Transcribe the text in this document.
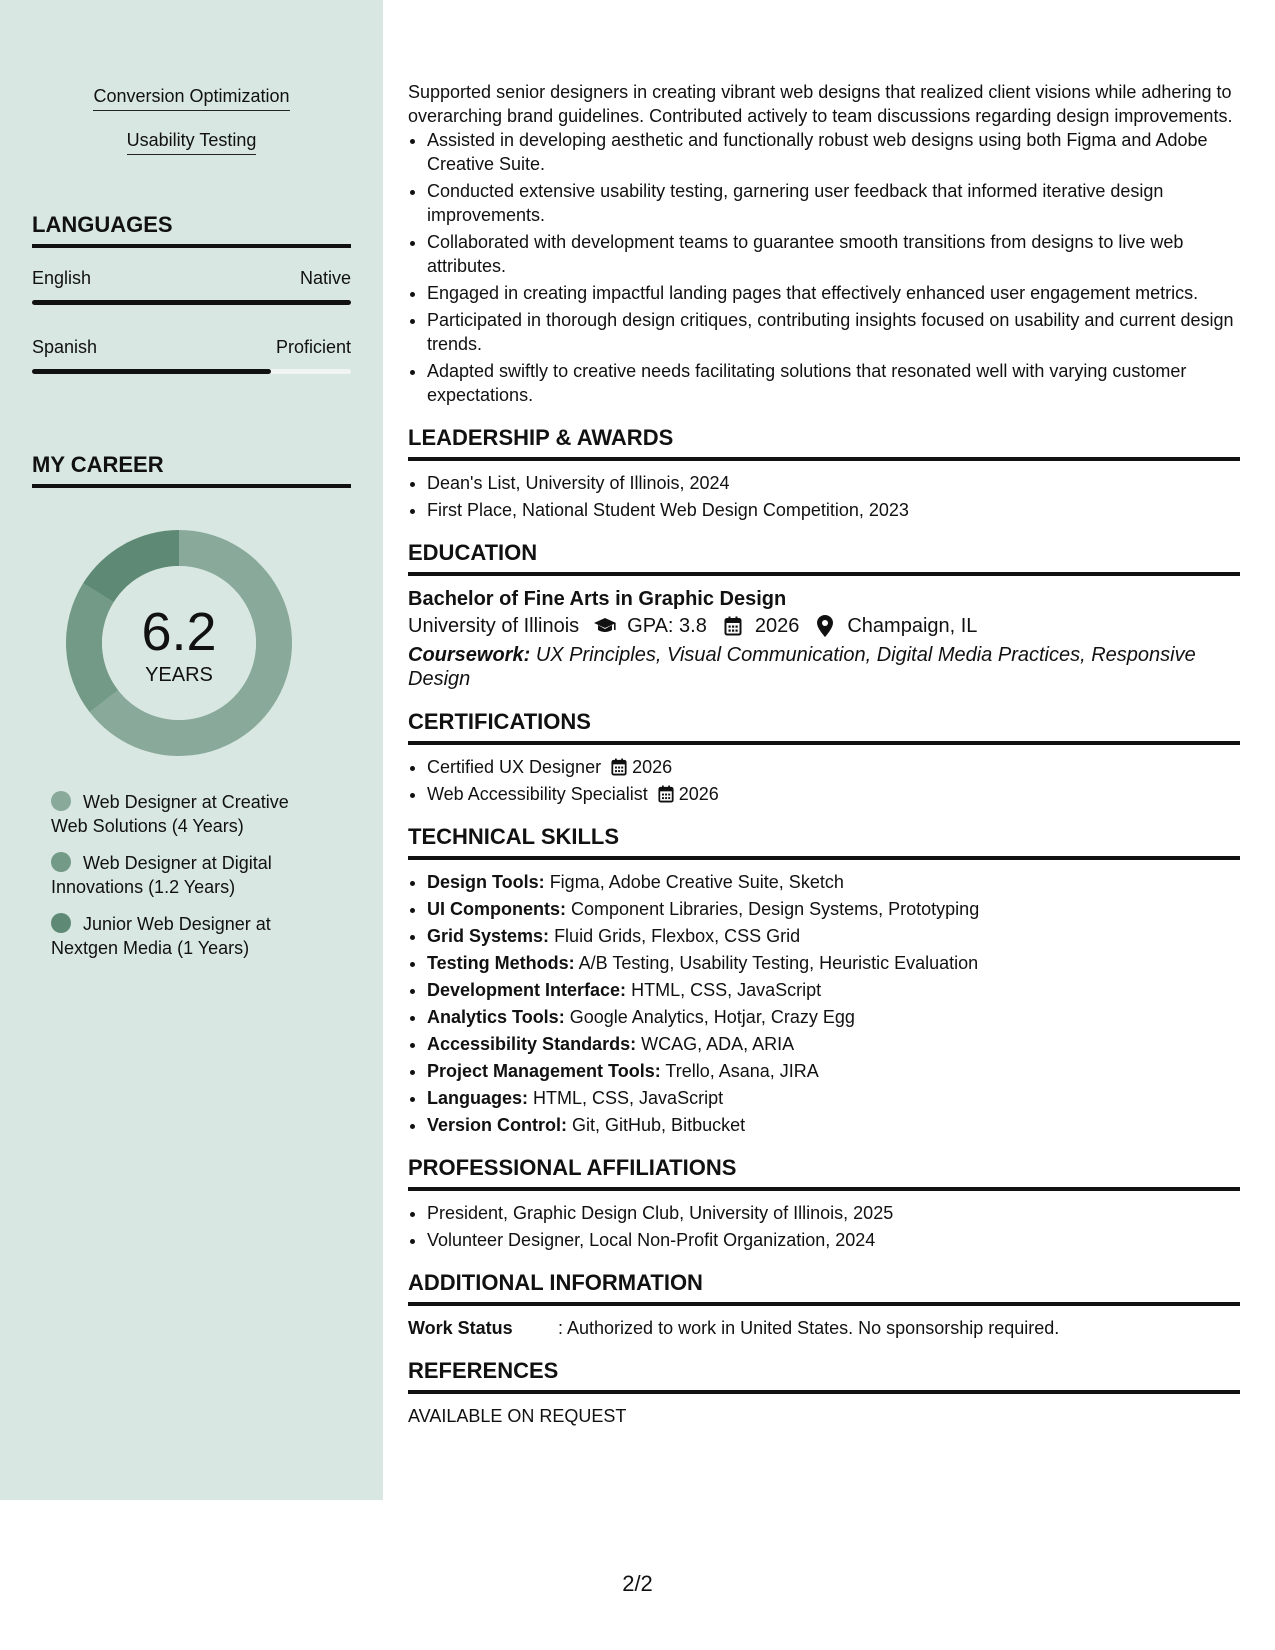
Conversion Optimization
Usability Testing
LANGUAGES
English	Native
Spanish	Proficient
MY CAREER
6.2
YEARS
Web Designer at Creative Web Solutions (4 Years)
Web Designer at Digital Innovations (1.2 Years)
Junior Web Designer at Nextgen Media (1 Years)

Supported senior designers in creating vibrant web designs that realized client visions while adhering to overarching brand guidelines. Contributed actively to team discussions regarding design improvements.

• Assisted in developing aesthetic and functionally robust web designs using both Figma and Adobe Creative Suite.
• Conducted extensive usability testing, garnering user feedback that informed iterative design improvements.
• Collaborated with development teams to guarantee smooth transitions from designs to live web attributes.
• Engaged in creating impactful landing pages that effectively enhanced user engagement metrics.
• Participated in thorough design critiques, contributing insights focused on usability and current design trends.
• Adapted swiftly to creative needs facilitating solutions that resonated well with varying customer expectations.
LEADERSHIP & AWARDS
• Dean's List, University of Illinois, 2024
• First Place, National Student Web Design Competition, 2023
EDUCATION
Bachelor of Fine Arts in Graphic Design
University of Illinois GPA: 3.8 2026 Champaign, IL
Coursework: UX Principles, Visual Communication, Digital Media Practices, Responsive Design
CERTIFICATIONS
• Certified UX Designer 2026
• Web Accessibility Specialist 2026
TECHNICAL SKILLS
• Design Tools: Figma, Adobe Creative Suite, Sketch
• UI Components: Component Libraries, Design Systems, Prototyping
• Grid Systems: Fluid Grids, Flexbox, CSS Grid
• Testing Methods: A/B Testing, Usability Testing, Heuristic Evaluation
• Development Interface: HTML, CSS, JavaScript
• Analytics Tools: Google Analytics, Hotjar, Crazy Egg
• Accessibility Standards: WCAG, ADA, ARIA
• Project Management Tools: Trello, Asana, JIRA
• Languages: HTML, CSS, JavaScript
• Version Control: Git, GitHub, Bitbucket
PROFESSIONAL AFFILIATIONS
• President, Graphic Design Club, University of Illinois, 2025
• Volunteer Designer, Local Non-Profit Organization, 2024
ADDITIONAL INFORMATION
Work Status	: Authorized to work in United States. No sponsorship required.
REFERENCES
AVAILABLE ON REQUEST
2/2
